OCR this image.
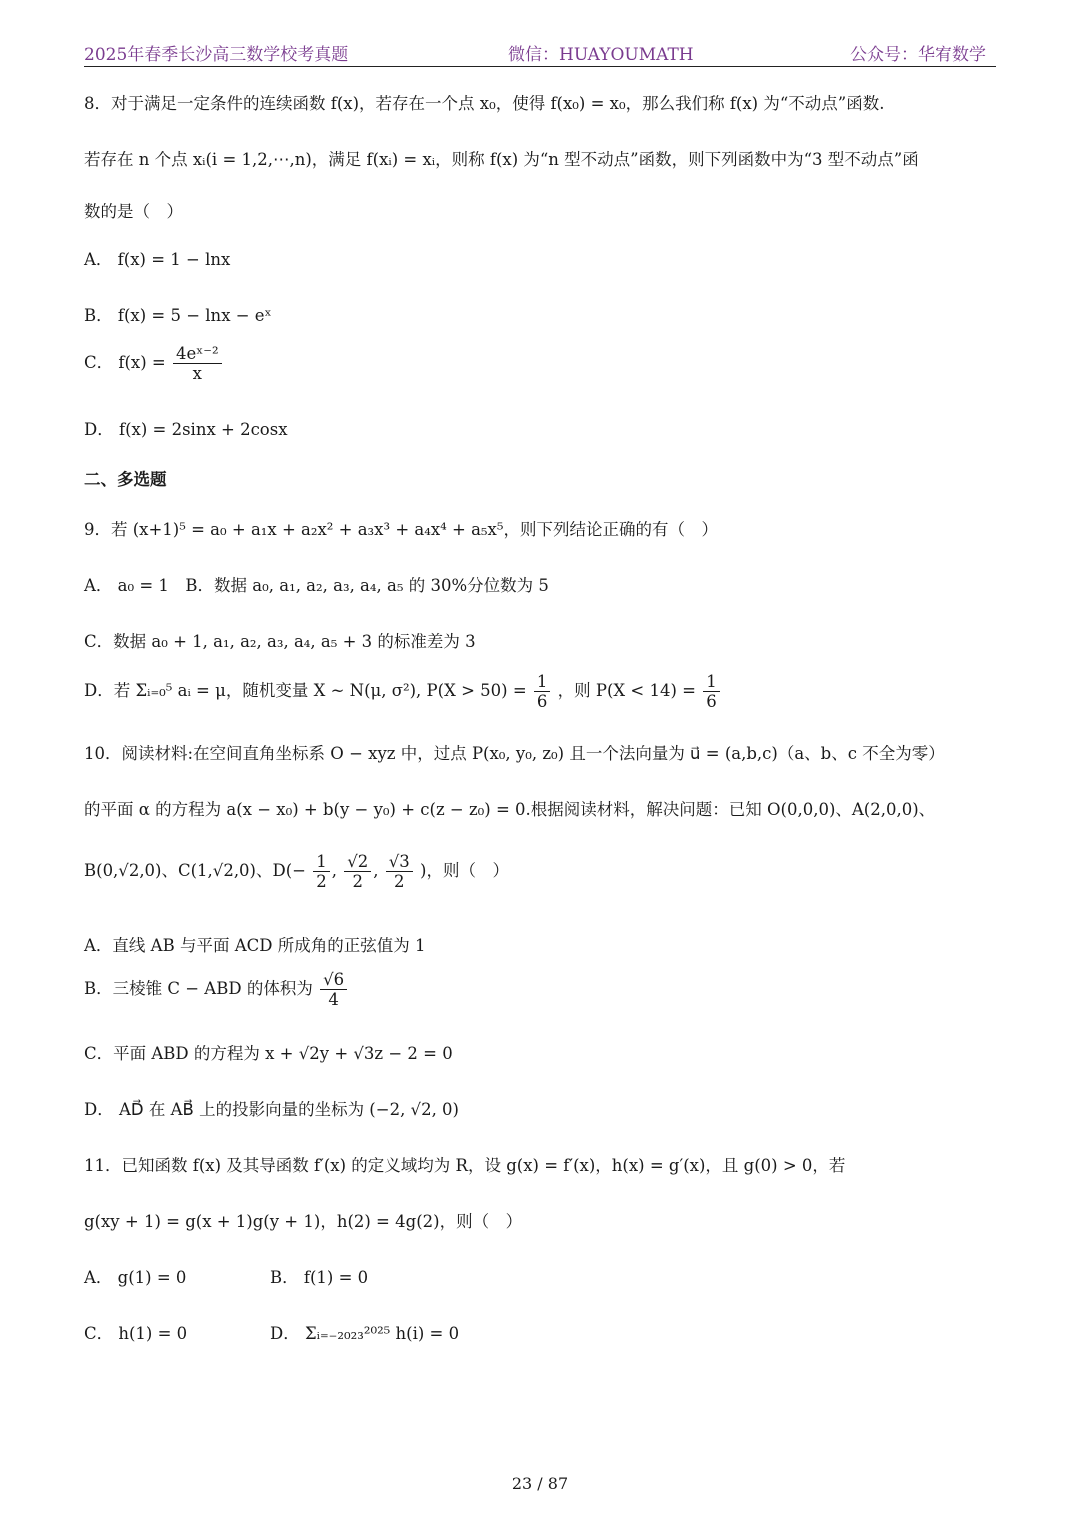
2025年春季长沙高三数学校考真题	微信：HUAYOUMATH	公众号：华宥数学
8．对于满足一定条件的连续函数 f(x)，若存在一个点 x₀，使得 f(x₀) = x₀，那么我们称 f(x) 为“不动点”函数.
若存在 n 个点 xᵢ(i = 1,2,⋯,n)，满足 f(xᵢ) = xᵢ，则称 f(x) 为“n 型不动点”函数，则下列函数中为“3 型不动点”函
数的是（　）
A． f(x) = 1 − lnx
B． f(x) = 5 − lnx − eˣ
C． $f(x) = \frac{\text{4eˣ⁻²}}{x}$
D． f(x) = 2sinx + 2cosx
二、多选题
9．若 (x+1)⁵ = a₀ + a₁x + a₂x² + a₃x³ + a₄x⁴ + a₅x⁵，则下列结论正确的有（　）
A． a₀ = 1　B．数据 a₀, a₁, a₂, a₃, a₄, a₅ 的 30%分位数为 5
C．数据 a₀ + 1, a₁, a₂, a₃, a₄, a₅ + 3 的标准差为 3
D．若 Σᵢ₌₀⁵ aᵢ = μ，随机变量 X ~ N(μ, σ²), $P(X > 50) = \frac{1}{6}$ ，则 $P(X < 14) = \frac{1}{6}$
10．阅读材料:在空间直角坐标系 O − xyz 中，过点 P(x₀, y₀, z₀) 且一个法向量为 u⃗ = (a,b,c)（a、b、c 不全为零）
的平面 α 的方程为 a(x − x₀) + b(y − y₀) + c(z − z₀) = 0.根据阅读材料，解决问题：已知 O(0,0,0)、A(2,0,0)、
B(0,√2,0)、C(1,√2,0)、$D(- \frac{1}{2}$ , $\frac{√2}{2}$ , $\frac{√3}{2}$ )，则（　）
A．直线 AB 与平面 ACD 所成角的正弦值为 1
B．三棱锥 C − ABD 的体积为 $\frac{√6}{4}$
C．平面 ABD 的方程为 x + √2y + √3z − 2 = 0
D． AD⃗ 在 AB⃗ 上的投影向量的坐标为 (−2, √2, 0)
11．已知函数 f(x) 及其导函数 f′(x) 的定义域均为 R，设 g(x) = f′(x)，h(x) = g′(x)，且 g(0) > 0，若
g(xy + 1) = g(x + 1)g(y + 1)，h(2) = 4g(2)，则（　）
A． g(1) = 0	B． f(1) = 0
C． h(1) = 0	D． Σᵢ₌₋₂₀₂₃²⁰²⁵ h(i) = 0
23 / 87
